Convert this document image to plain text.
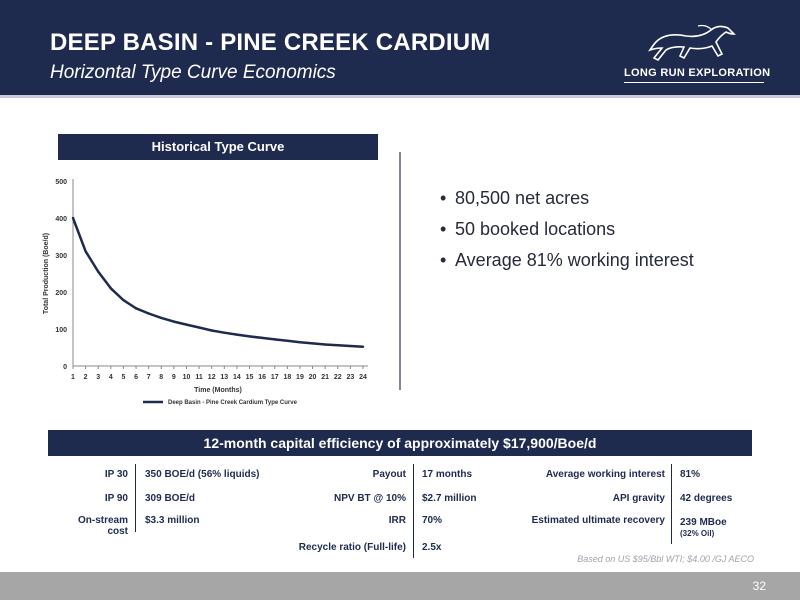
DEEP BASIN - PINE CREEK CARDIUM
Horizontal Type Curve Economics	LONG RUN EXPLORATION
Historical Type Curve
0
100
200
300
400
500
1 2 3 4 5 6 7 8 9 10 11 12 13 14 15 16 17 18 19 20 21 22 23 24
Time (Months)
Total Production (Boe/d)
Deep Basin - Pine Creek Cardium Type Curve
• 80,500 net acres
• 50 booked locations
• Average 81% working interest
12-month capital efficiency of approximately $17,900/Boe/d
IP 30 350 BOE/d (56% liquids)
IP 90 309 BOE/d
On-stream cost
$3.3 million
Payout 17 months
NPV BT @ 10% $2.7 million
IRR 70%
Recycle ratio (Full-life) 2.5x
Average working interest 81%
API gravity 42 degrees
Estimated ultimate recovery 239 MBoe
(32% Oil)
Based on US $95/Bbl WTI; $4.00 /GJ AECO
32
